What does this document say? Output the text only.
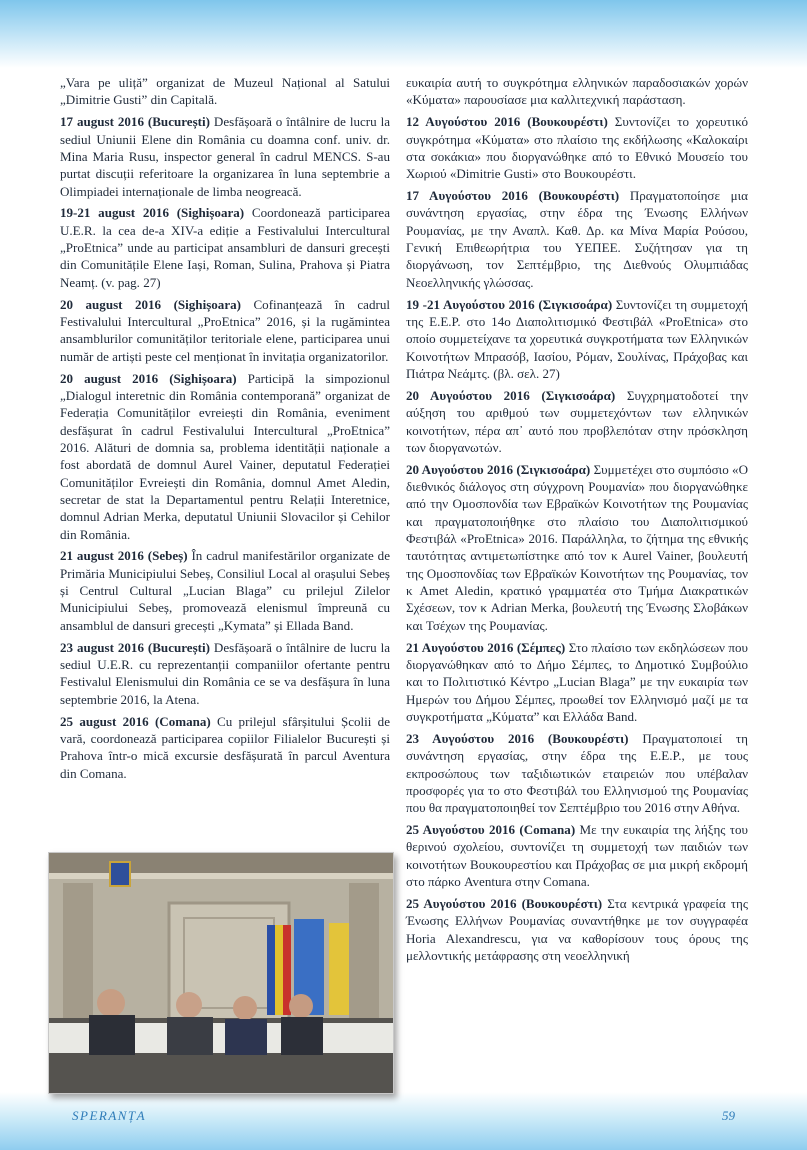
„Vara pe uliță” organizat de Muzeul Național al Satului „Dimitrie Gusti” din Capitală.

17 august 2016 (București) Desfășoară o întâlnire de lucru la sediul Uniunii Elene din România cu doamna conf. univ. dr. Mina Maria Rusu, inspector general în cadrul MENCS. S-au purtat discuții referitoare la organizarea în luna septembrie a Olimpiadei internaționale de limba neogreacă.

19-21 august 2016 (Sighișoara) Coordonează participarea U.E.R. la cea de-a XIV-a ediție a Festivalului Intercultural „ProEtnica” unde au participat ansambluri de dansuri grecești din Comunitățile Elene Iași, Roman, Sulina, Prahova și Piatra Neamț. (v. pag. 27)

20 august 2016 (Sighișoara) Cofinanțează în cadrul Festivalului Intercultural „ProEtnica” 2016, și la rugămintea ansamblurilor comunităților teritoriale elene, participarea unui număr de artiști peste cel menționat în invitația organizatorilor.

20 august 2016 (Sighișoara) Participă la simpozionul „Dialogul interetnic din România contemporană” organizat de Federația Comunităților evreiești din România, eveniment desfășurat în cadrul Festivalului Intercultural „ProEtnica” 2016. Alături de domnia sa, problema identității naționale a fost abordată de domnul Aurel Vainer, deputatul Federației Comunităților Evreiești din România, domnul Amet Aledin, secretar de stat la Departamentul pentru Relații Interetnice, domnul Adrian Merka, deputatul Uniunii Slovacilor și Cehilor din România.

21 august 2016 (Sebeș) În cadrul manifestărilor organizate de Primăria Municipiului Sebeș, Consiliul Local al orașului Sebeș și Centrul Cultural „Lucian Blaga” cu prilejul Zilelor Municipiului Sebeș, promovează elenismul împreună cu ansamblul de dansuri grecești „Kymata” și Ellada Band.

23 august 2016 (București) Desfășoară o întâlnire de lucru la sediul U.E.R. cu reprezentanții companiilor ofertante pentru Festivalul Elenismului din România ce se va desfășura în luna septembrie 2016, la Atena.

25 august 2016 (Comana) Cu prilejul sfârșitului Școlii de vară, coordonează participarea copiilor Filialelor București și Prahova într-o mică excursie desfășurată în parcul Aventura din Comana.

ευκαιρία αυτή το συγκρότημα ελληνικών παραδοσιακών χορών «Κύματα» παρουσίασε μια καλλιτεχνική παράσταση.

12 Αυγούστου 2016 (Βουκουρέστι) Συντονίζει το χορευτικό συγκρότημα «Κύματα» στο πλαίσιο της εκδήλωσης «Καλοκαίρι στα σοκάκια» που διοργανώθηκε από το Εθνικό Μουσείο του Χωριού «Dimitrie Gusti» στο Βουκουρέστι.

17 Αυγούστου 2016 (Βουκουρέστι) Πραγματοποίησε μια συνάντηση εργασίας, στην έδρα της Ένωσης Ελλήνων Ρουμανίας, με την Αναπλ. Καθ. Δρ. κα Μίνα Μαρία Ρούσου, Γενική Επιθεωρήτρια του ΥΕΠΕΕ. Συζήτησαν για τη διοργάνωση, τον Σεπτέμβριο, της Διεθνούς Ολυμπιάδας Νεοελληνικής γλώσσας.

19 -21 Αυγούστου 2016 (Σιγκισοάρα) Συντονίζει τη συμμετοχή της Ε.Ε.Ρ. στο 14ο Διαπολιτισμικό Φεστιβάλ «ProEtnica» στο οποίο συμμετείχανε τα χορευτικά συγκροτήματα των Ελληνικών Κοινοτήτων Μπρασόβ, Ιασίου, Ρόμαν, Σουλίνας, Πράχοβας και Πιάτρα Νεάμτς. (βλ. σελ. 27)

20 Αυγούστου 2016 (Σιγκισοάρα) Συγχρηματοδοτεί την αύξηση του αριθμού των συμμετεχόντων των ελληνικών κοινοτήτων, πέρα απ᾽ αυτό που προβλεπόταν στην πρόσκληση των διοργανωτών.

20 Αυγούστου 2016 (Σιγκισοάρα) Συμμετέχει στο συμπόσιο «Ο διεθνικός διάλογος στη σύγχρονη Ρουμανία» που διοργανώθηκε από την Ομοσπονδία των Εβραϊκών Κοινοτήτων της Ρουμανίας και πραγματοποιήθηκε στο πλαίσιο του Διαπολιτισμικού Φεστιβάλ «ProEtnica» 2016. Παράλληλα, το ζήτημα της εθνικής ταυτότητας αντιμετωπίστηκε από τον κ Aurel Vainer, βουλευτή της Ομοσπονδίας των Εβραϊκών Κοινοτήτων της Ρουμανίας, τον κ Amet Aledin, κρατικό γραμματέα στο Τμήμα Διακρατικών Σχέσεων, τον κ Adrian Merka, βουλευτή της Ένωσης Σλοβάκων και Τσέχων της Ρουμανίας.

21 Αυγούστου 2016 (Σέμπες) Στο πλαίσιο των εκδηλώσεων που διοργανώθηκαν από το Δήμο Σέμπες, το Δημοτικό Συμβούλιο και το Πολιτιστικό Κέντρο „Lucian Blaga” με την ευκαιρία των Ημερών του Δήμου Σέμπες, προωθεί τον Ελληνισμό μαζί με τα συγκροτήματα „Κύματα” και Ελλάδα Band.

23 Αυγούστου 2016 (Βουκουρέστι) Πραγματοποιεί τη συνάντηση εργασίας, στην έδρα της Ε.Ε.Ρ., με τους εκπροσώπους των ταξιδιωτικών εταιρειών που υπέβαλαν προσφορές για το στο Φεστιβάλ του Ελληνισμού της Ρουμανίας που θα πραγματοποιηθεί τον Σεπτέμβριο του 2016 στην Αθήνα.

25 Αυγούστου 2016 (Comana) Με την ευκαιρία της λήξης του θερινού σχολείου, συντονίζει τη συμμετοχή των παιδιών των κοινοτήτων Βουκουρεστίου και Πράχοβας σε μια μικρή εκδρομή στο πάρκο Aventura στην Comana.

25 Αυγούστου 2016 (Βουκουρέστι) Στα κεντρικά γραφεία της Ένωσης Ελλήνων Ρουμανίας συναντήθηκε με τον συγγραφέα Horia Alexandrescu, για να καθορίσουν τους όρους της μελλοντικής μετάφρασης στη νεοελληνική

SPERANȚA	59
